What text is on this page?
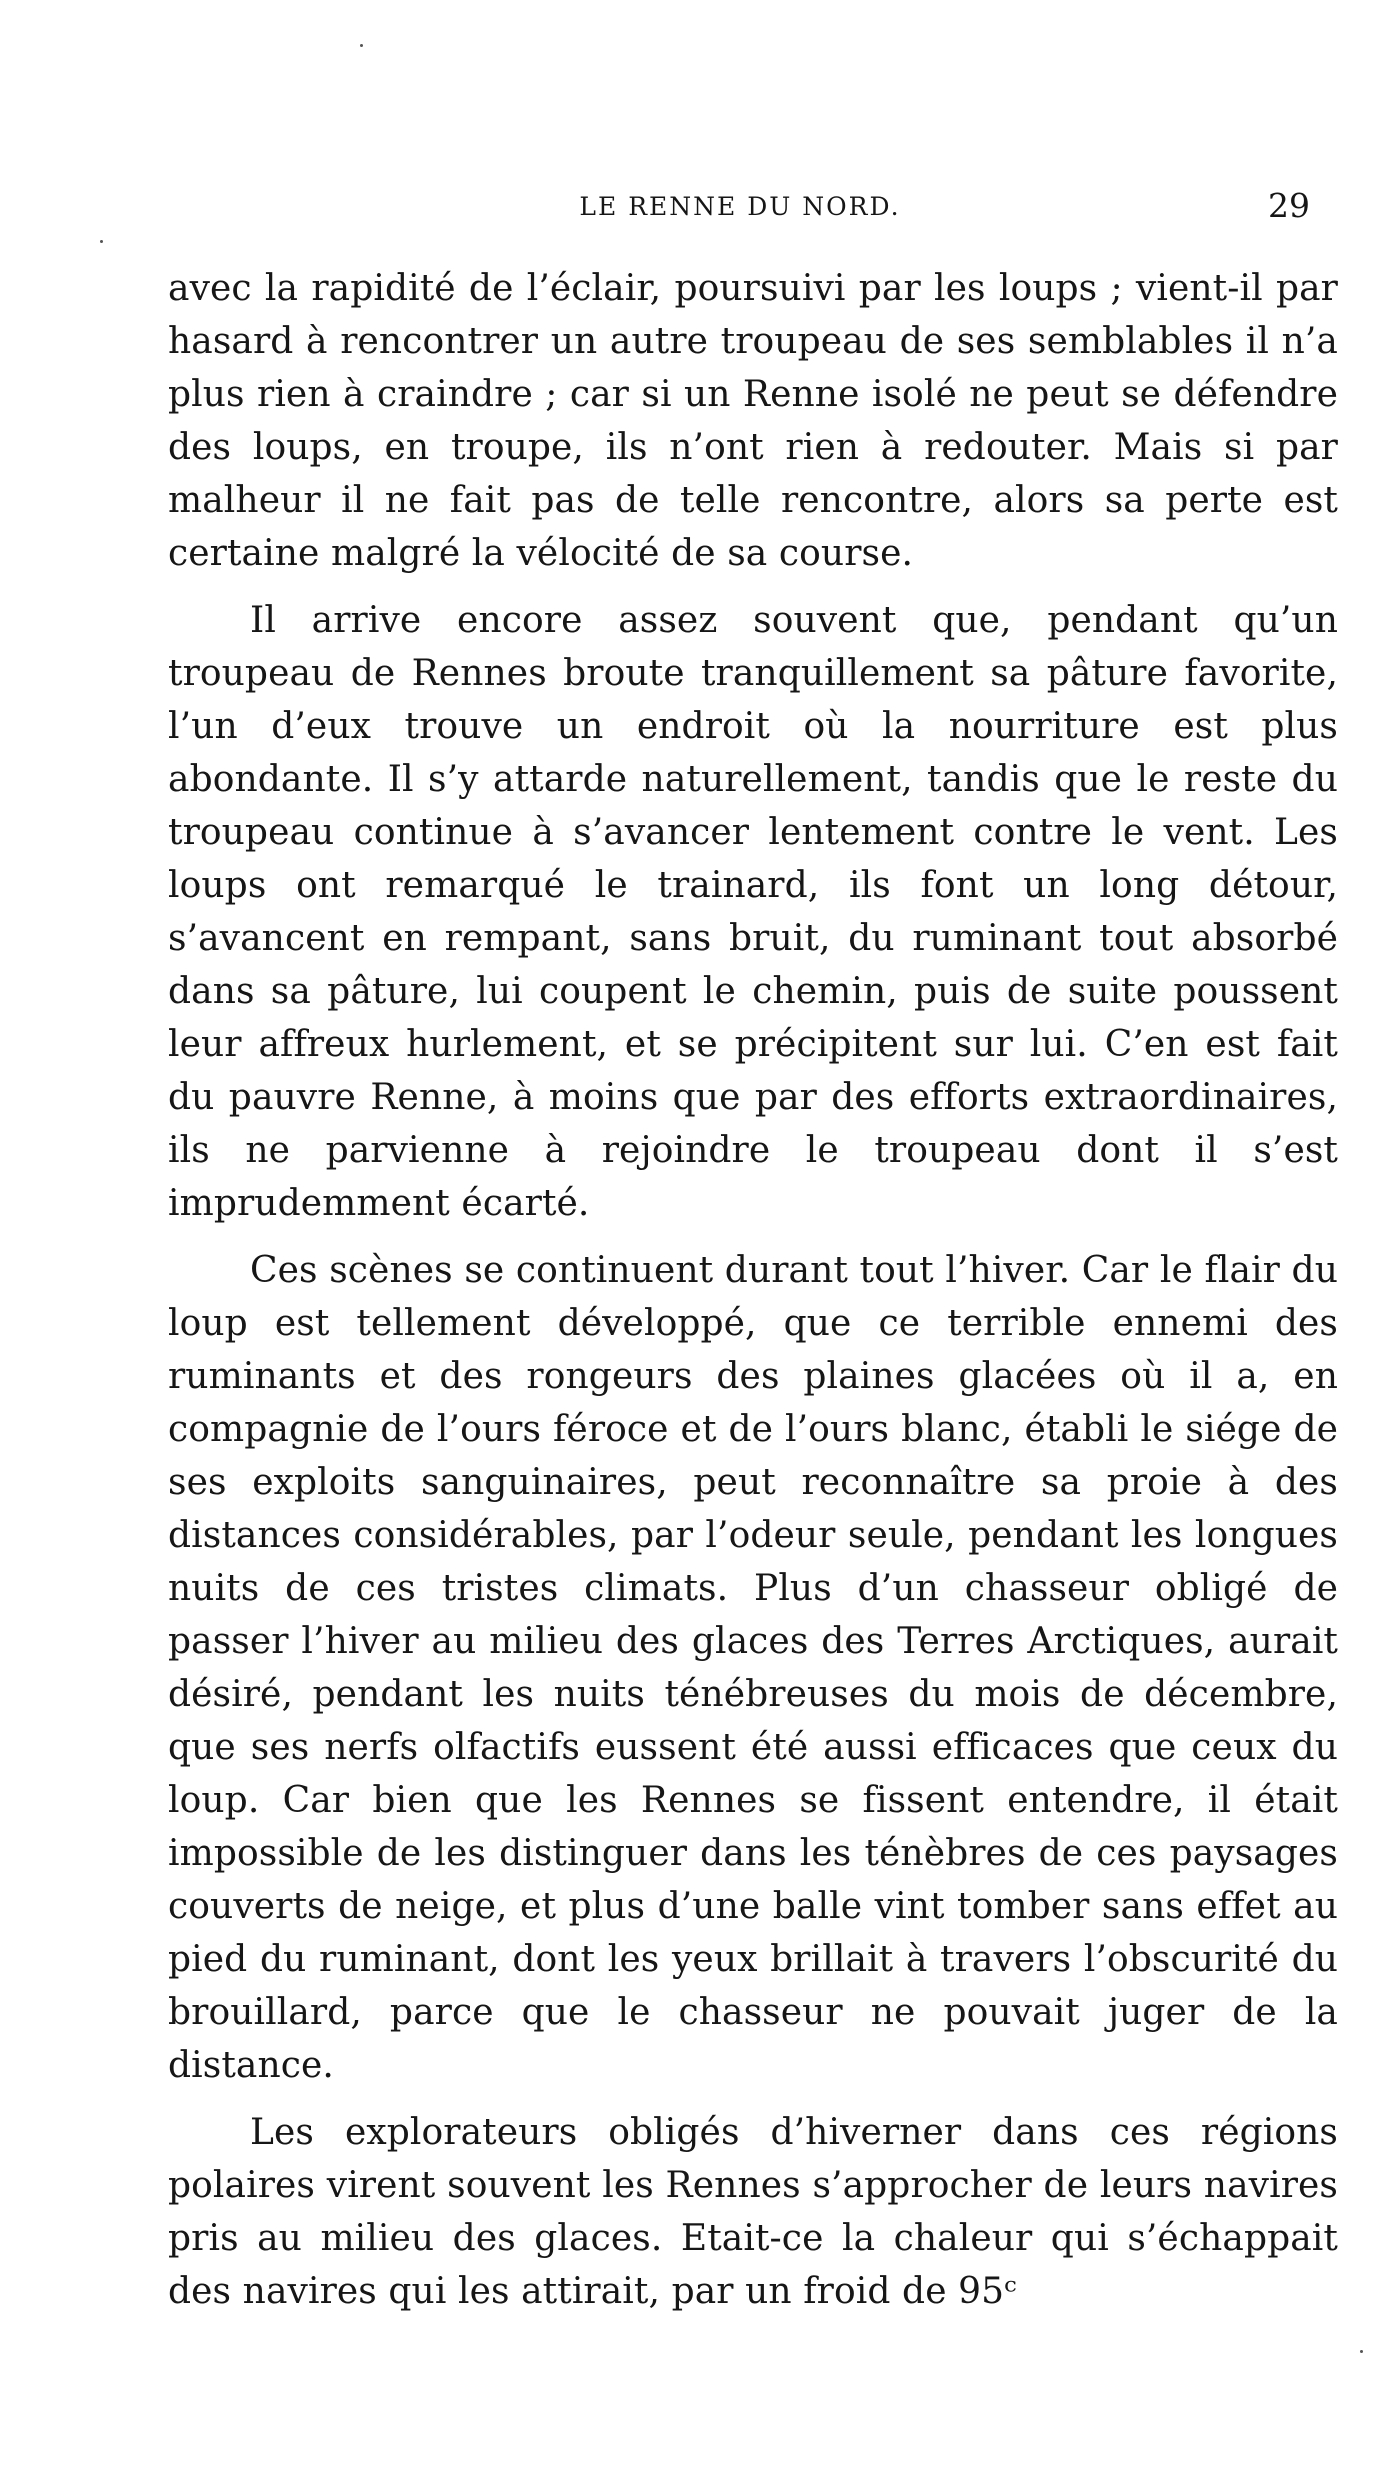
LE RENNE DU NORD.	29

avec la rapidité de l’éclair, poursuivi par les loups ; vient-il par hasard à rencontrer un autre troupeau de ses semblables il n’a plus rien à craindre ; car si un Renne isolé ne peut se défendre des loups, en troupe, ils n’ont rien à redouter. Mais si par malheur il ne fait pas de telle rencontre, alors sa perte est certaine malgré la vélocité de sa course.

Il arrive encore assez souvent que, pendant qu’un troupeau de Rennes broute tranquillement sa pâture favorite, l’un d’eux trouve un endroit où la nourriture est plus abondante. Il s’y attarde naturellement, tandis que le reste du troupeau continue à s’avancer lentement contre le vent. Les loups ont remarqué le trainard, ils font un long détour, s’avancent en rempant, sans bruit, du ruminant tout absorbé dans sa pâture, lui coupent le chemin, puis de suite poussent leur affreux hurlement, et se précipitent sur lui. C’en est fait du pauvre Renne, à moins que par des efforts extraordinaires, ils ne parvienne à rejoindre le troupeau dont il s’est imprudemment écarté.

Ces scènes se continuent durant tout l’hiver. Car le flair du loup est tellement développé, que ce terrible ennemi des ruminants et des rongeurs des plaines glacées où il a, en compagnie de l’ours féroce et de l’ours blanc, établi le siége de ses exploits sanguinaires, peut reconnaître sa proie à des distances considérables, par l’odeur seule, pendant les longues nuits de ces tristes climats. Plus d’un chasseur obligé de passer l’hiver au milieu des glaces des Terres Arctiques, aurait désiré, pendant les nuits ténébreuses du mois de décembre, que ses nerfs olfactifs eussent été aussi efficaces que ceux du loup. Car bien que les Rennes se fissent entendre, il était impossible de les distinguer dans les ténèbres de ces paysages couverts de neige, et plus d’une balle vint tomber sans effet au pied du ruminant, dont les yeux brillait à travers l’obscurité du brouillard, parce que le chasseur ne pouvait juger de la distance.

Les explorateurs obligés d’hiverner dans ces régions polaires virent souvent les Rennes s’approcher de leurs navires pris au milieu des glaces. Etait-ce la chaleur qui s’échappait des navires qui les attirait, par un froid de 95ᶜ
